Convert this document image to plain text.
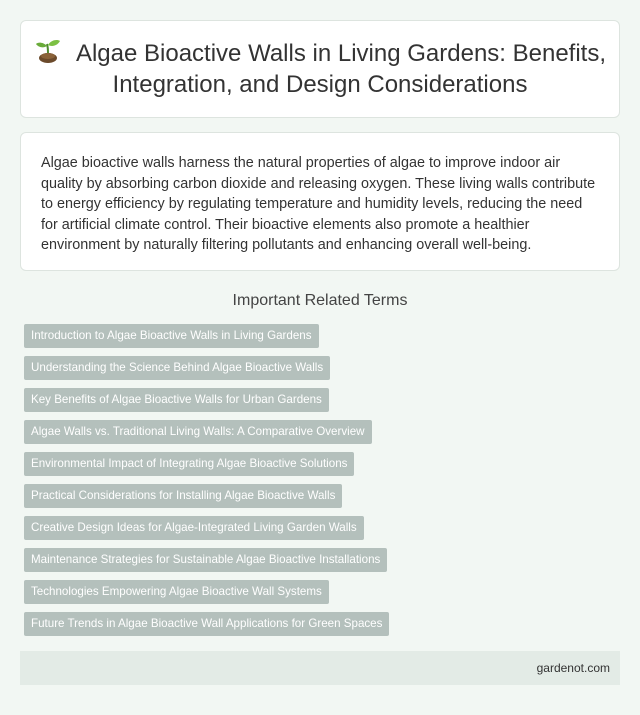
Algae Bioactive Walls in Living Gardens: Benefits, Integration, and Design Considerations

Algae bioactive walls harness the natural properties of algae to improve indoor air quality by absorbing carbon dioxide and releasing oxygen. These living walls contribute to energy efficiency by regulating temperature and humidity levels, reducing the need for artificial climate control. Their bioactive elements also promote a healthier environment by naturally filtering pollutants and enhancing overall well-being.

Important Related Terms
Introduction to Algae Bioactive Walls in Living Gardens
Understanding the Science Behind Algae Bioactive Walls
Key Benefits of Algae Bioactive Walls for Urban Gardens
Algae Walls vs. Traditional Living Walls: A Comparative Overview
Environmental Impact of Integrating Algae Bioactive Solutions
Practical Considerations for Installing Algae Bioactive Walls
Creative Design Ideas for Algae-Integrated Living Garden Walls
Maintenance Strategies for Sustainable Algae Bioactive Installations
Technologies Empowering Algae Bioactive Wall Systems
Future Trends in Algae Bioactive Wall Applications for Green Spaces
gardenot.com
